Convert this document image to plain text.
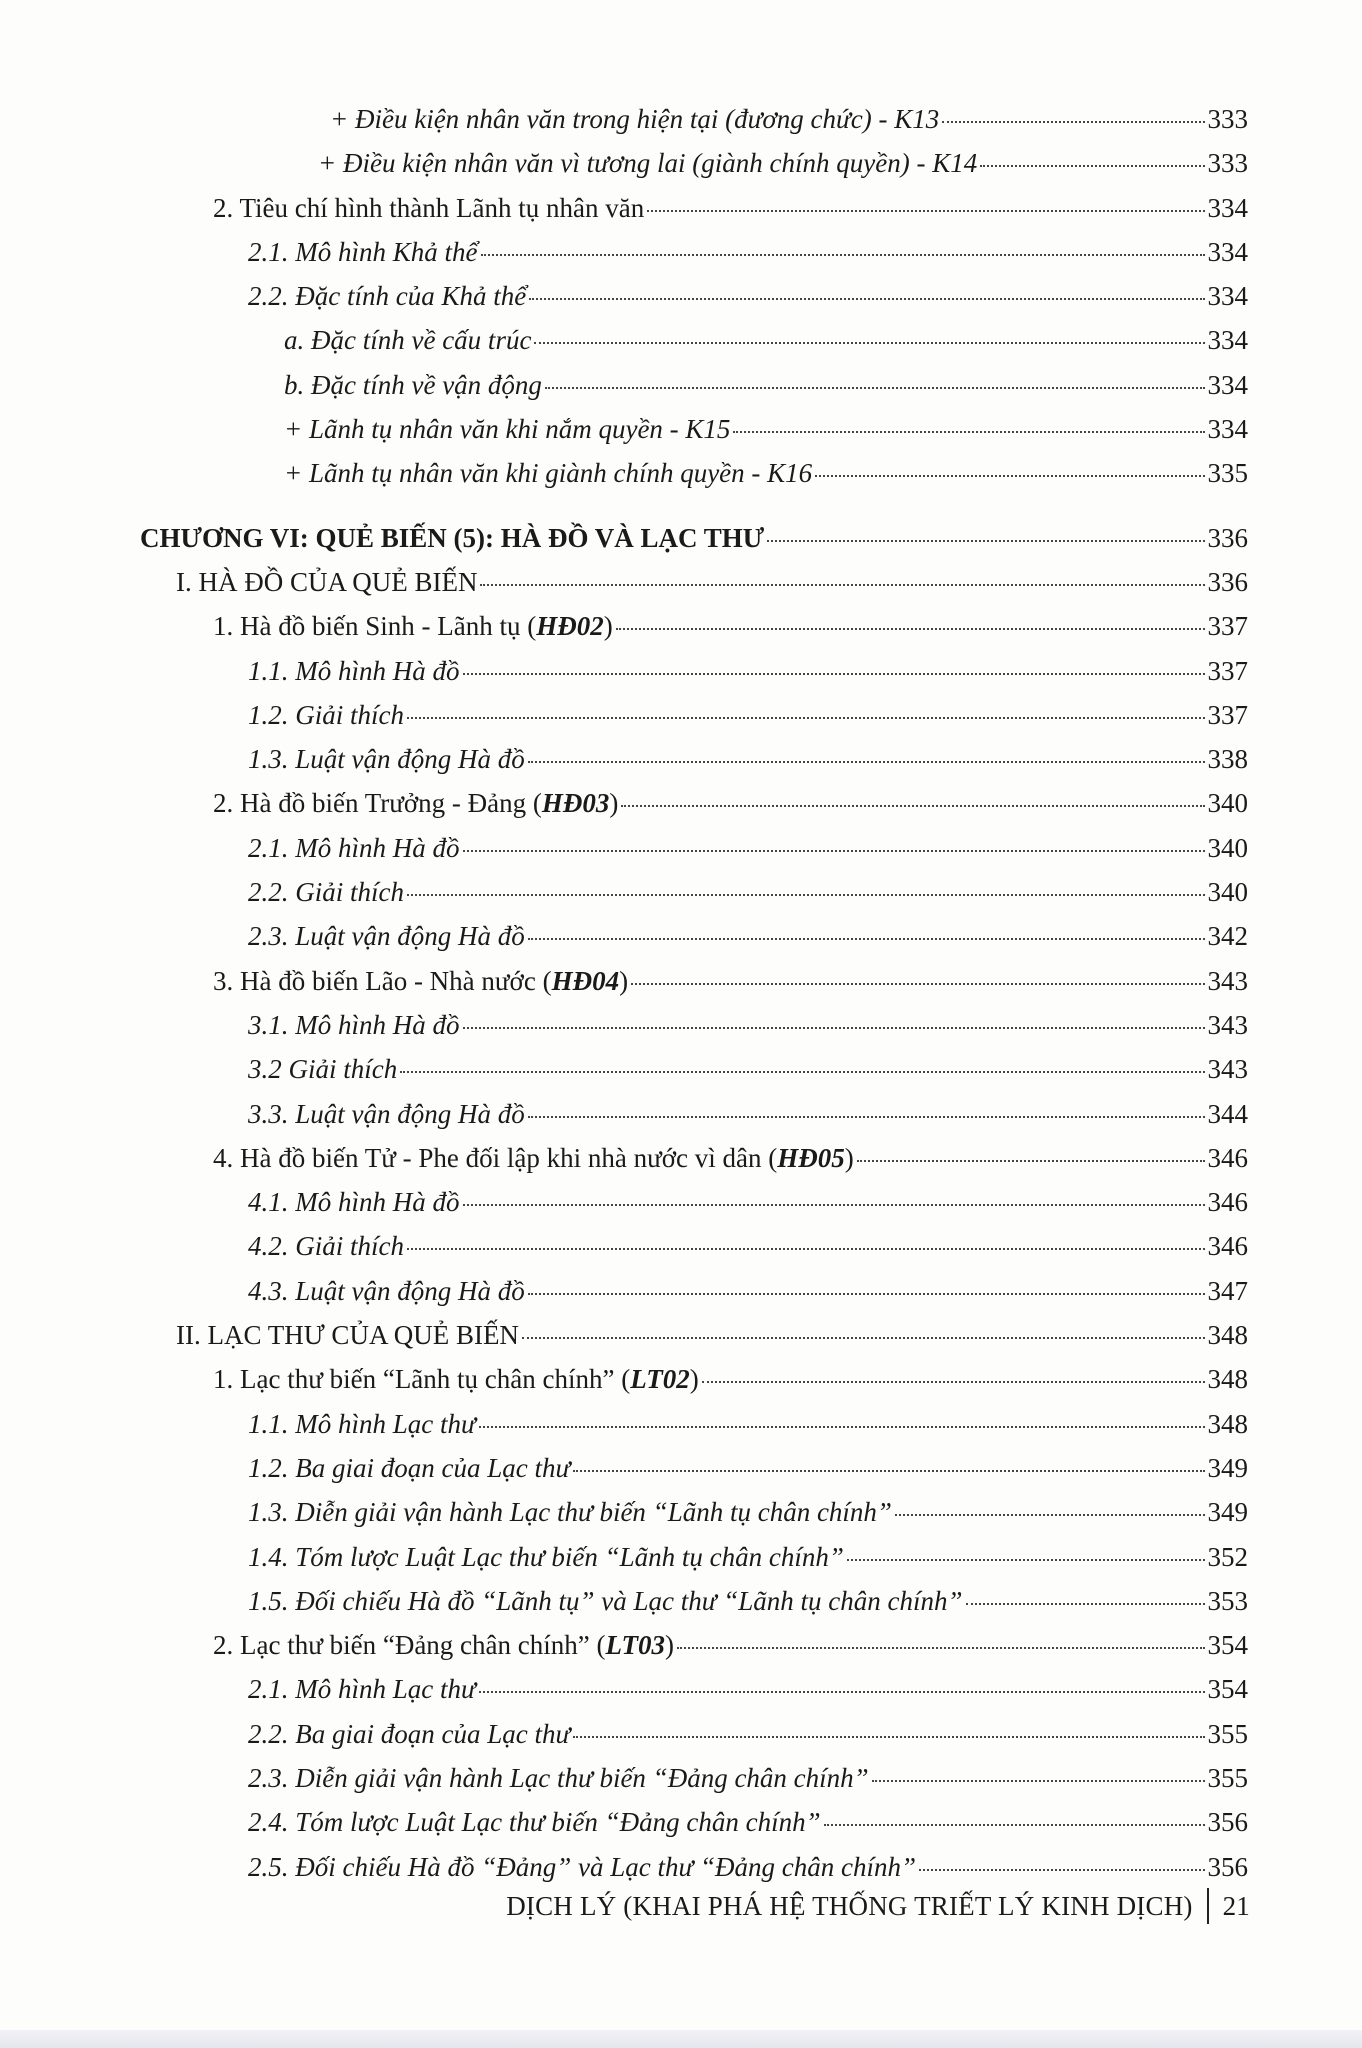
+ Điều kiện nhân văn trong hiện tại (đương chức) - K13	333
+ Điều kiện nhân văn vì tương lai (giành chính quyền) - K14	333
2. Tiêu chí hình thành Lãnh tụ nhân văn	334
2.1. Mô hình Khả thể	334
2.2. Đặc tính của Khả thể	334
a. Đặc tính về cấu trúc	334
b. Đặc tính về vận động	334
+ Lãnh tụ nhân văn khi nắm quyền - K15	334
+ Lãnh tụ nhân văn khi giành chính quyền - K16	335
CHƯƠNG VI: QUẺ BIẾN (5): HÀ ĐỒ VÀ LẠC THƯ	336
I. HÀ ĐỒ CỦA QUẺ BIẾN	336
1. Hà đồ biến Sinh - Lãnh tụ (HĐ02)	337
1.1. Mô hình Hà đồ	337
1.2. Giải thích	337
1.3. Luật vận động Hà đồ	338
2. Hà đồ biến Trưởng - Đảng (HĐ03)	340
2.1. Mô hình Hà đồ	340
2.2. Giải thích	340
2.3. Luật vận động Hà đồ	342
3. Hà đồ biến Lão - Nhà nước (HĐ04)	343
3.1. Mô hình Hà đồ	343
3.2 Giải thích	343
3.3. Luật vận động Hà đồ	344
4. Hà đồ biến Tử - Phe đối lập khi nhà nước vì dân (HĐ05)	346
4.1. Mô hình Hà đồ	346
4.2. Giải thích	346
4.3. Luật vận động Hà đồ	347
II. LẠC THƯ CỦA QUẺ BIẾN	348
1. Lạc thư biến “Lãnh tụ chân chính” (LT02)	348
1.1. Mô hình Lạc thư	348
1.2. Ba giai đoạn của Lạc thư	349
1.3. Diễn giải vận hành Lạc thư biến “Lãnh tụ chân chính”	349
1.4. Tóm lược Luật Lạc thư biến “Lãnh tụ chân chính”	352
1.5. Đối chiếu Hà đồ “Lãnh tụ” và Lạc thư “Lãnh tụ chân chính”	353
2. Lạc thư biến “Đảng chân chính” (LT03)	354
2.1. Mô hình Lạc thư	354
2.2. Ba giai đoạn của Lạc thư	355
2.3. Diễn giải vận hành Lạc thư biến “Đảng chân chính”	355
2.4. Tóm lược Luật Lạc thư biến “Đảng chân chính”	356
2.5. Đối chiếu Hà đồ “Đảng” và Lạc thư “Đảng chân chính”	356
DỊCH LÝ (KHAI PHÁ HỆ THỐNG TRIẾT LÝ KINH DỊCH) 21
